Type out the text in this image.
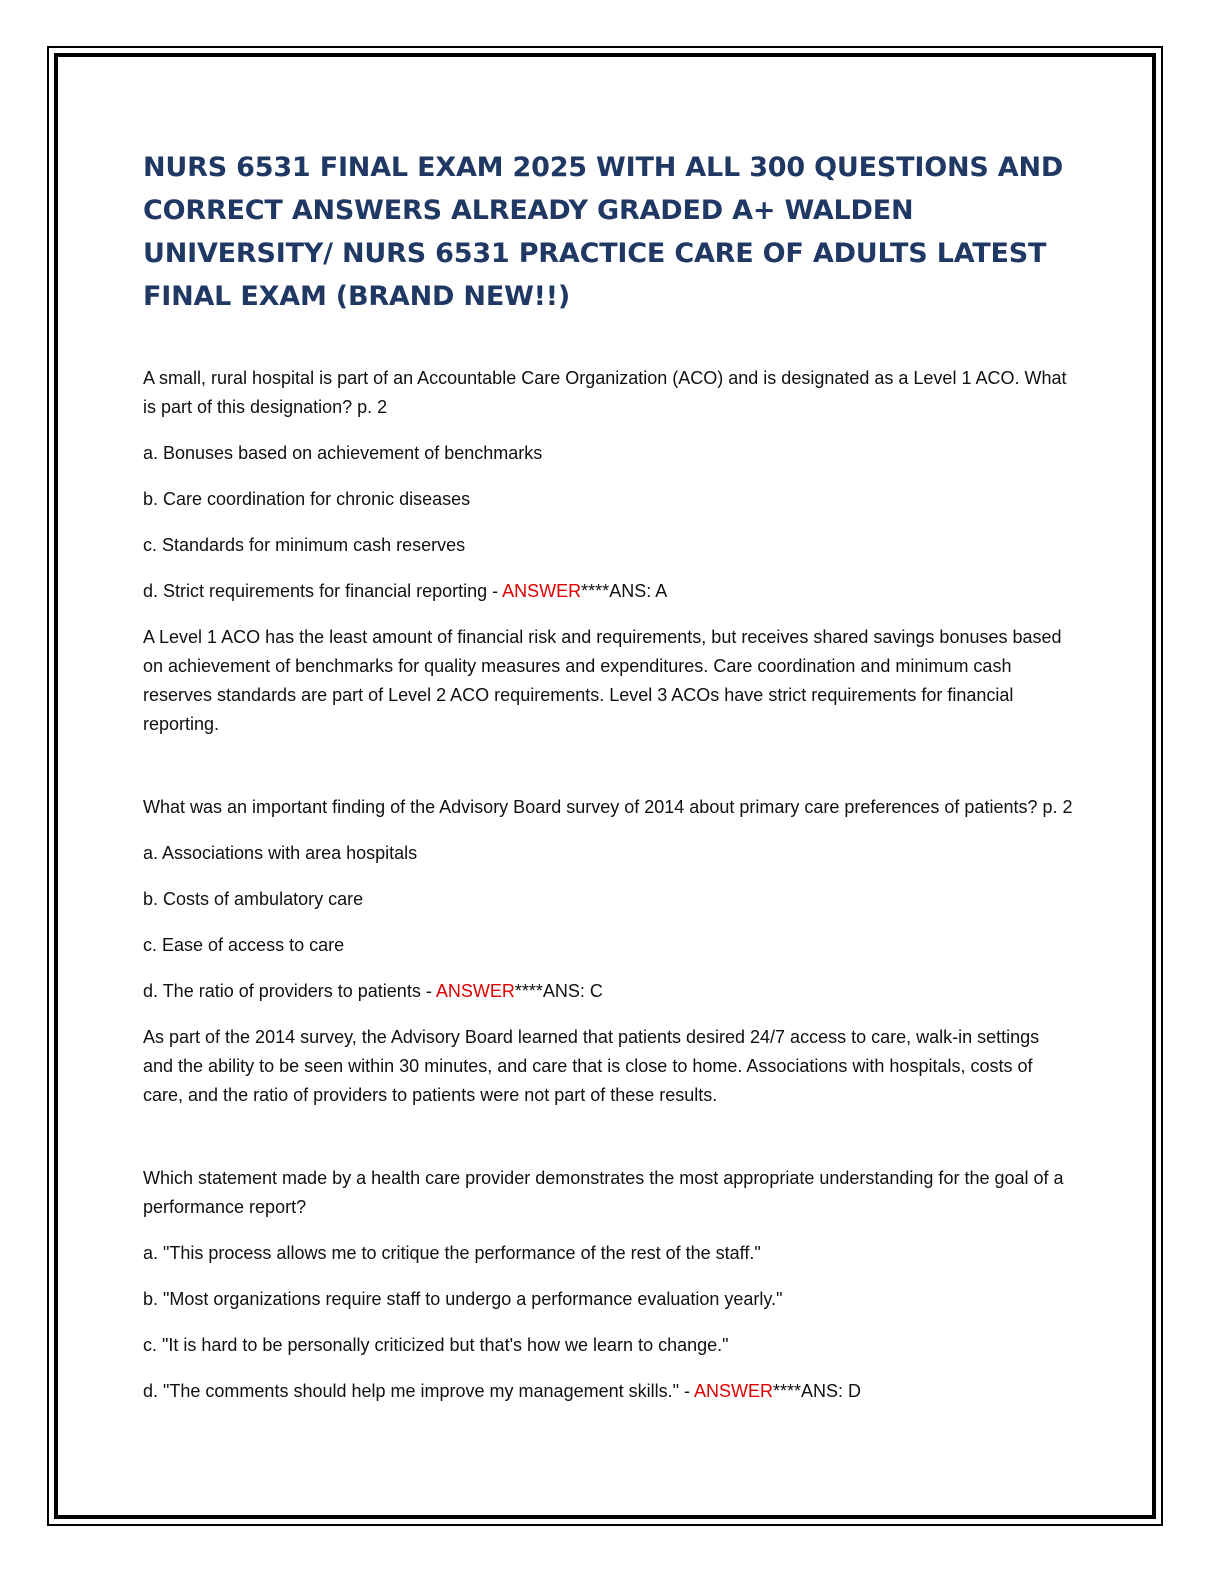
NURS 6531 FINAL EXAM 2025 WITH ALL 300 QUESTIONS AND CORRECT ANSWERS ALREADY GRADED A+ WALDEN UNIVERSITY/ NURS 6531 PRACTICE CARE OF ADULTS LATEST FINAL EXAM (BRAND NEW!!)

A small, rural hospital is part of an Accountable Care Organization (ACO) and is designated as a Level 1 ACO. What is part of this designation? p. 2

a. Bonuses based on achievement of benchmarks

b. Care coordination for chronic diseases

c. Standards for minimum cash reserves

d. Strict requirements for financial reporting - ANSWER****ANS: A

A Level 1 ACO has the least amount of financial risk and requirements, but receives shared savings bonuses based on achievement of benchmarks for quality measures and expenditures. Care coordination and minimum cash reserves standards are part of Level 2 ACO requirements. Level 3 ACOs have strict requirements for financial reporting.

What was an important finding of the Advisory Board survey of 2014 about primary care preferences of patients? p. 2

a. Associations with area hospitals

b. Costs of ambulatory care

c. Ease of access to care

d. The ratio of providers to patients - ANSWER****ANS: C

As part of the 2014 survey, the Advisory Board learned that patients desired 24/7 access to care, walk-in settings and the ability to be seen within 30 minutes, and care that is close to home. Associations with hospitals, costs of care, and the ratio of providers to patients were not part of these results.

Which statement made by a health care provider demonstrates the most appropriate understanding for the goal of a performance report?

a. "This process allows me to critique the performance of the rest of the staff."

b. "Most organizations require staff to undergo a performance evaluation yearly."

c. "It is hard to be personally criticized but that's how we learn to change."

d. "The comments should help me improve my management skills." - ANSWER****ANS: D
